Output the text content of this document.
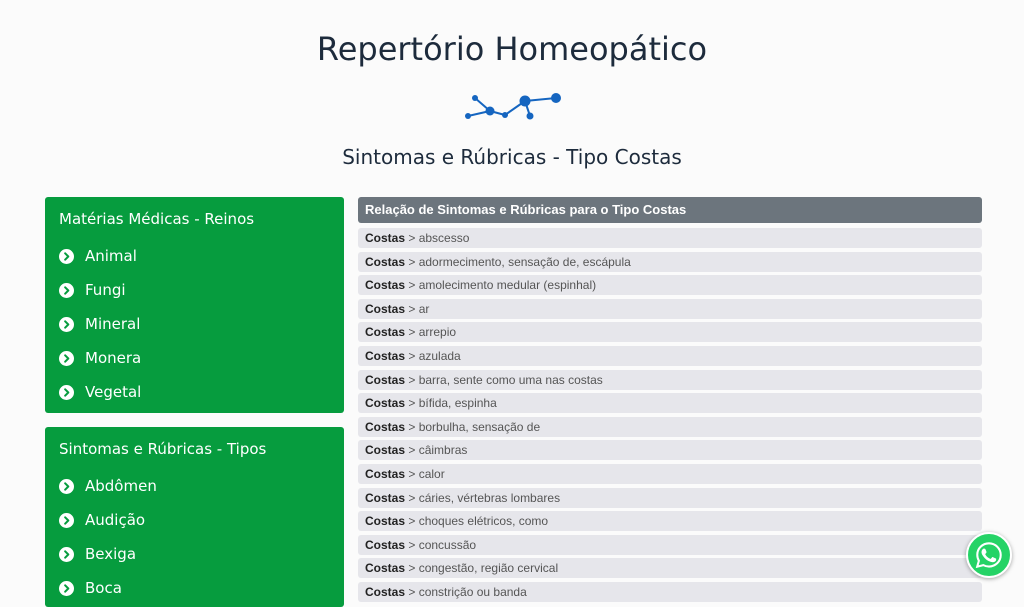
Repertório Homeopático
Sintomas e Rúbricas - Tipo Costas
Matérias Médicas - Reinos
Animal
Fungi
Mineral
Monera
Vegetal
Sintomas e Rúbricas - Tipos
Abdômen
Audição
Bexiga
Boca
Relação de Sintomas e Rúbricas para o Tipo Costas
Costas > abscesso
Costas > adormecimento, sensação de, escápula
Costas > amolecimento medular (espinhal)
Costas > ar
Costas > arrepio
Costas > azulada
Costas > barra, sente como uma nas costas
Costas > bífida, espinha
Costas > borbulha, sensação de
Costas > câimbras
Costas > calor
Costas > cáries, vértebras lombares
Costas > choques elétricos, como
Costas > concussão
Costas > congestão, região cervical
Costas > constrição ou banda
